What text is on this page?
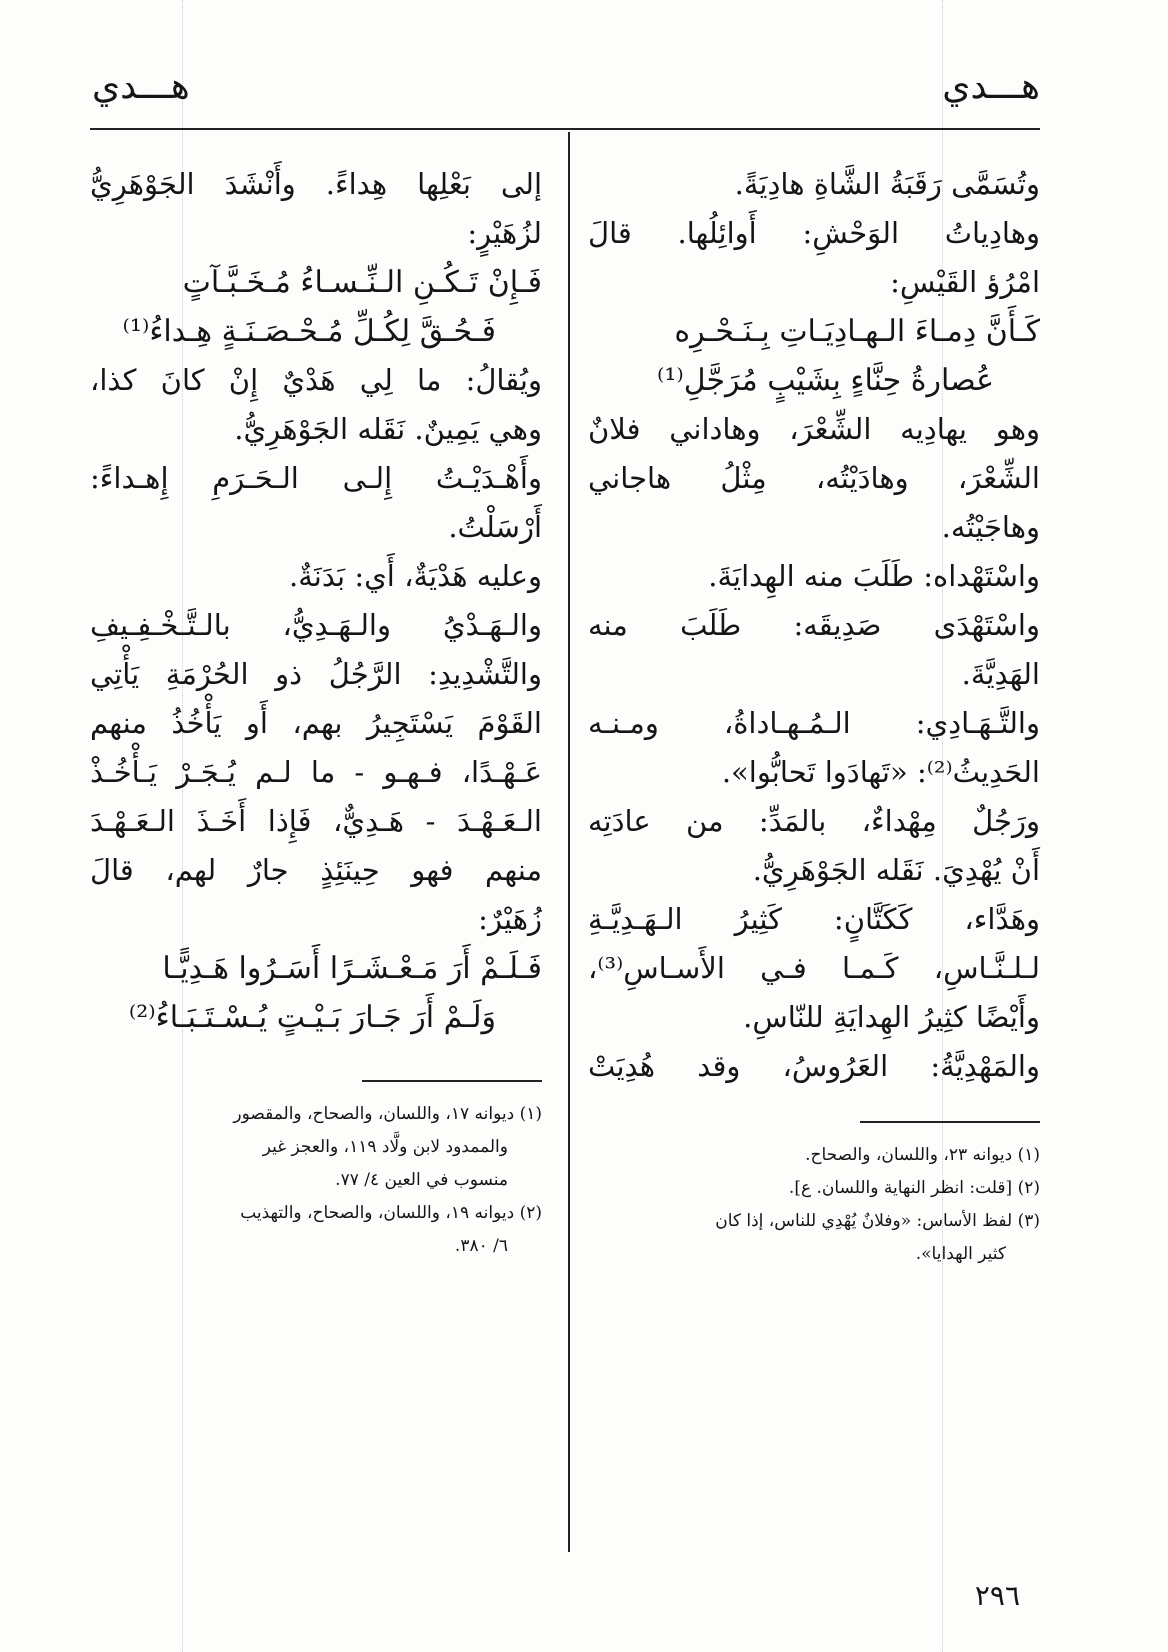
هـــدي
هـــدي
وتُسَمَّى رَقَبَةُ الشَّاةِ هادِيَةً.
وهادِياتُ الوَحْشِ: أَوائِلُها. قالَ
امْرُؤ القَيْسِ:
كَـأَنَّ دِمـاءَ الـهـادِيَـاتِ بِـنَـحْـرِه
عُصارةُ حِنَّاءٍ بِشَيْبٍ مُرَجَّلِ⁽¹⁾
وهو يهادِيه الشِّعْرَ، وهاداني فلانٌ
الشِّعْرَ، وهادَيْتُه، مِثْلُ هاجاني
وهاجَيْتُه.
واسْتَهْداه: طَلَبَ منه الهِدايَةَ.
واسْتَهْدَى صَدِيقَه: طَلَبَ منه
الهَدِيَّةَ.
والتَّـهَـادِي: الـمُـهـاداةُ، ومـنـه
الحَدِيثُ⁽²⁾: «تَهادَوا تَحابُّوا».
ورَجُلٌ مِهْداءٌ، بالمَدِّ: من عادَتِه
أَنْ يُهْدِيَ. نَقَله الجَوْهَرِيُّ.
وهَدَّاء، كَكَتَّانٍ: كَثِيرُ الـهَـدِيَّـةِ
لـلـنَّـاسِ، كَـمـا فـي الأَسـاسِ⁽³⁾،
وأَيْضًا كثِيرُ الهِدايَةِ للنّاسِ.
والمَهْدِيَّةُ: العَرُوسُ، وقد هُدِيَتْ
(١) ديوانه ٢٣، واللسان، والصحاح.
(٢) [قلت: انظر النهاية واللسان. ع].
(٣) لفظ الأساس: «وفلانٌ يُهْدِي للناس، إذا كان
كثير الهدايا».
إلى بَعْلِها هِداءً. وأَنْشَدَ الجَوْهَرِيُّ
لزُهَيْرٍ:
فَـإِنْ تَـكُـنِ الـنِّـسـاءُ مُـخَـبَّـآتٍ
فَـحُـقَّ لِكُـلِّ مُـحْـصَـنَـةٍ هِـداءُ⁽¹⁾
ويُقالُ: ما لِي هَدْيٌ إِنْ كانَ كذا،
وهي يَمِينٌ. نَقَله الجَوْهَرِيُّ.
وأَهْـدَيْـتُ إِلـى الـحَـرَمِ إِهـداءً:
أَرْسَلْتُ.
وعليه هَدْيَةٌ، أَي: بَدَنَةٌ.
والـهَـدْيُ والـهَـدِيُّ، بالـتَّـخْـفِـيفِ
والتَّشْدِيدِ: الرَّجُلُ ذو الحُرْمَةِ يَأْتِي
القَوْمَ يَسْتَجِيرُ بهم، أَو يَأْخُذُ منهم
عَـهْـدًا، فـهـو - ما لـم يُـجَـرْ يَـأْخُـذْ
الـعَـهْـدَ - هَـدِيٌّ، فَإِذا أَخَـذَ الـعَـهْـدَ
منهم فهو حِينَئِذٍ جارٌ لهم، قالَ
زُهَيْرٌ:
فَـلَـمْ أَرَ مَـعْـشَـرًا أَسَـرُوا هَـدِيًّـا
وَلَـمْ أَرَ جَـارَ بَـيْـتٍ يُـسْـتَـبَـاءُ⁽²⁾
(١) ديوانه ١٧، واللسان، والصحاح، والمقصور
والممدود لابن ولَّاد ١١٩، والعجز غير
منسوب في العين ٤/ ٧٧.
(٢) ديوانه ١٩، واللسان، والصحاح، والتهذيب
٦/ ٣٨٠.
٢٩٦
